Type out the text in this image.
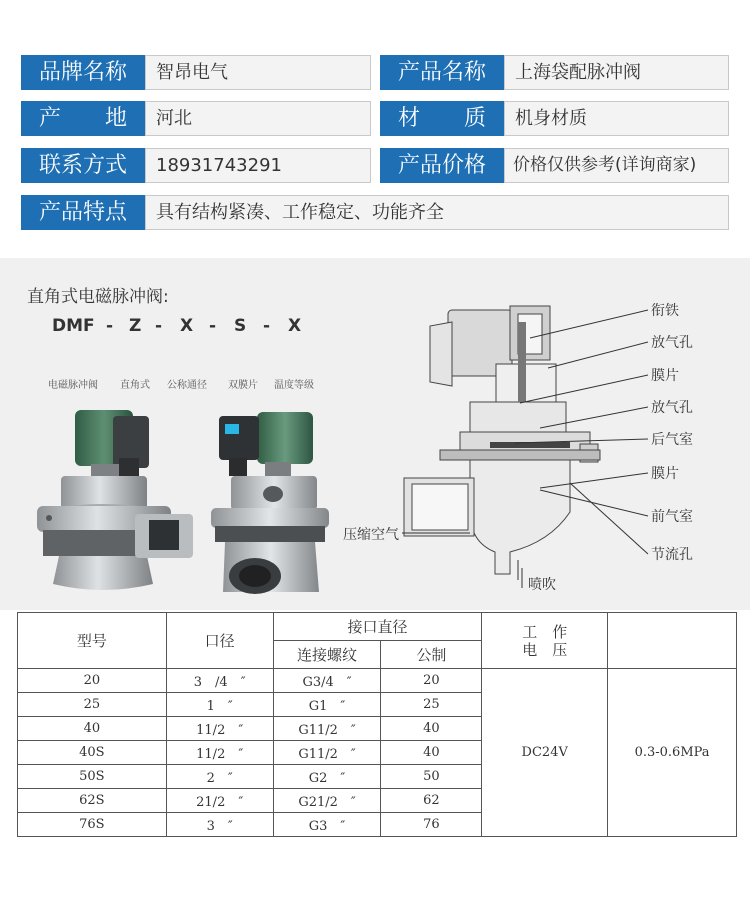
品牌名称	智昂电气	产品名称	上海袋配脉冲阀
产 地	河北	材 质	机身材质
联系方式	18931743291	产品价格	价格仅供参考(详询商家)
产品特点	具有结构紧凑、工作稳定、功能齐全
直角式电磁脉冲阀:
DMF - Z - X - S - X
电磁脉冲阀 直角式 公称通径 双膜片 温度等级
衔铁
放气孔
膜片
放气孔
后气室
膜片
前气室
节流孔
压缩空气
喷吹
型号	口径	接口直径		工　作
电　压	

		连接螺纹	公制		
20	3　/4　″	G3/4　″	20	DC24V	0.3-0.6MPa
25	1　″	G1　″	25		
40	11/2　″	G11/2　″	40		
40S	11/2　″	G11/2　″	40		
50S	2　″	G2　″	50		
62S	21/2　″	G21/2　″	62		
76S	3　″	G3　″	76		
